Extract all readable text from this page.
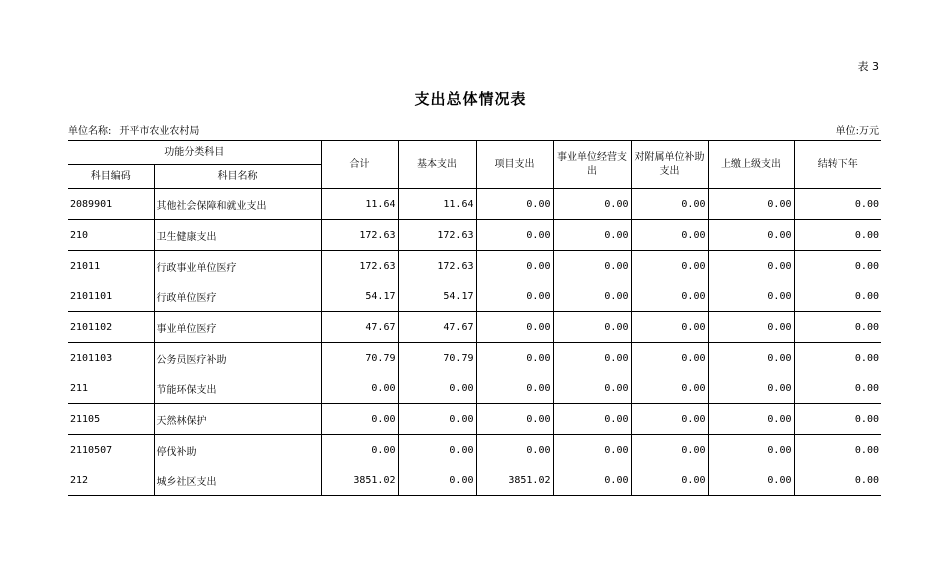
表 3
支出总体情况表
单位名称: 开平市农业农村局	单位:万元
功能分类科目		合计	基本支出	项目支出	事业单位经营支出	对附属单位补助支出	上缴上级支出	结转下年
科目编码	科目名称							
2089901	其他社会保障和就业支出	11.64	11.64	0.00	0.00	0.00	0.00	0.00
210	卫生健康支出	172.63	172.63	0.00	0.00	0.00	0.00	0.00
21011	行政事业单位医疗	172.63	172.63	0.00	0.00	0.00	0.00	0.00
2101101	行政单位医疗	54.17	54.17	0.00	0.00	0.00	0.00	0.00
2101102	事业单位医疗	47.67	47.67	0.00	0.00	0.00	0.00	0.00
2101103	公务员医疗补助	70.79	70.79	0.00	0.00	0.00	0.00	0.00
211	节能环保支出	0.00	0.00	0.00	0.00	0.00	0.00	0.00
21105	天然林保护	0.00	0.00	0.00	0.00	0.00	0.00	0.00
2110507	停伐补助	0.00	0.00	0.00	0.00	0.00	0.00	0.00
212	城乡社区支出	3851.02	0.00	3851.02	0.00	0.00	0.00	0.00
